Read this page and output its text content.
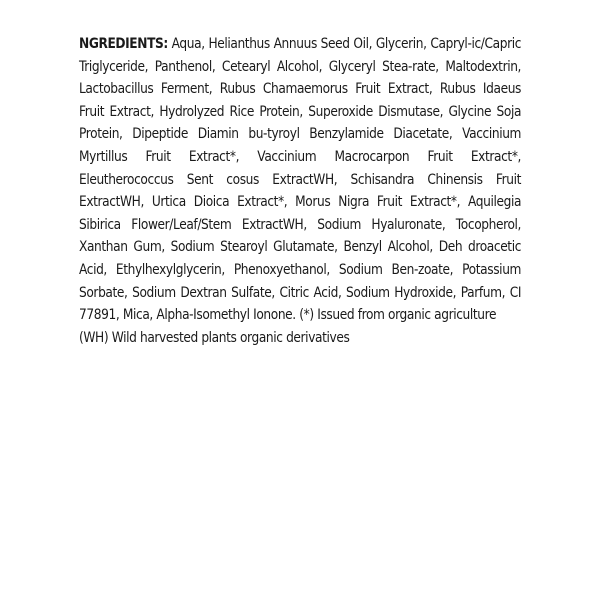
NGREDIENTS: Aqua, Helianthus Annuus Seed Oil, Glycerin, Capryl-ic/Capric Triglyceride, Panthenol, Cetearyl Alcohol, Glyceryl Stea-rate, Maltodextrin, Lactobacillus Ferment, Rubus Chamaemorus Fruit Extract, Rubus Idaeus Fruit Extract, Hydrolyzed Rice Protein, Superoxide Dismutase, Glycine Soja Protein, Dipeptide Diamin bu-tyroyl Benzylamide Diacetate, Vaccinium Myrtillus Fruit Extract*, Vaccinium Macrocarpon Fruit Extract*, Eleutherococcus Sent cosus ExtractWH, Schisandra Chinensis Fruit ExtractWH, Urtica Dioica Extract*, Morus Nigra Fruit Extract*, Aquilegia Sibirica Flower/Leaf/Stem ExtractWH, Sodium Hyaluronate, Tocopherol, Xanthan Gum, Sodium Stearoyl Glutamate, Benzyl Alcohol, Deh droacetic Acid, Ethylhexylglycerin, Phenoxyethanol, Sodium Ben-zoate, Potassium Sorbate, Sodium Dextran Sulfate, Citric Acid, Sodium Hydroxide, Parfum, CI 77891, Mica, Alpha-Isomethyl Ionone. (*) Issued from organic agriculture

(WH) Wild harvested plants organic derivatives
